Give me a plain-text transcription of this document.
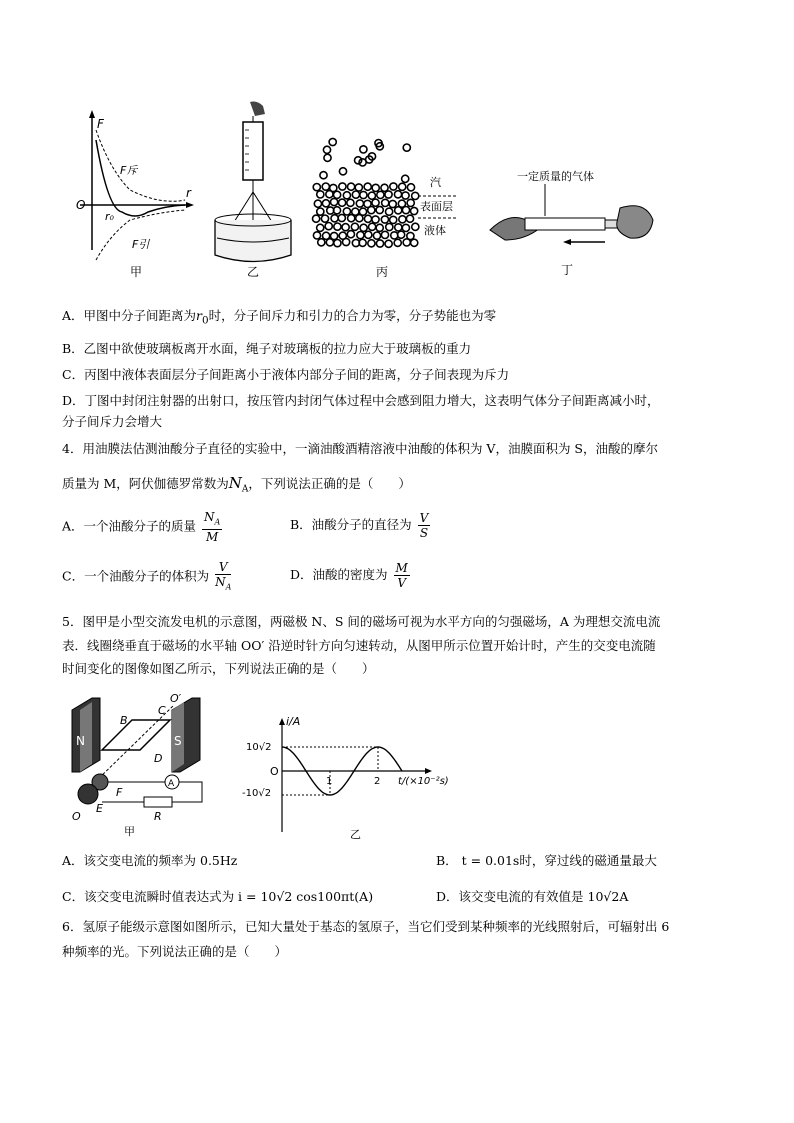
F
r
O
r₀
F斥
F引
甲	乙
汽
表面层
液体
丙
一定质量的气体
丁
A．甲图中分子间距离为$r_0$时，分子间斥力和引力的合力为零，分子势能也为零
B．乙图中欲使玻璃板离开水面，绳子对玻璃板的拉力应大于玻璃板的重力
C．丙图中液体表面层分子间距离小于液体内部分子间的距离，分子间表现为斥力
D．丁图中封闭注射器的出射口，按压管内封闭气体过程中会感到阻力增大，这表明气体分子间距离减小时，
分子间斥力会增大
4．用油膜法估测油酸分子直径的实验中，一滴油酸酒精溶液中油酸的体积为 V，油膜面积为 S，油酸的摩尔
质量为 M，阿伏伽德罗常数为$N_A$，下列说法正确的是（　　）
A．一个油酸分子的质量 $\frac{N_A}{M}$	B．油酸分子的直径为 $\frac{V}{S}$
C．一个油酸分子的体积为 $\frac{V}{N_A}$	D．油酸的密度为 $\frac{M}{V}$
5．图甲是小型交流发电机的示意图，两磁极 N、S 间的磁场可视为水平方向的匀强磁场，A 为理想交流电流
表．线圈绕垂直于磁场的水平轴 OO′ 沿逆时针方向匀速转动，从图甲所示位置开始计时，产生的交变电流随
时间变化的图像如图乙所示，下列说法正确的是（　　）
N	S
B
C
D
O′
O
E
F
A
R
甲
i/A
10√2
-10√2
O
1	2 t/(×10⁻²s)
乙
A．该交变电流的频率为 0.5Hz	B． t = 0.01s时，穿过线的磁通量最大
C．该交变电流瞬时值表达式为 i = 10√2 cos100πt(A)	D．该交变电流的有效值是 10√2A
6．氢原子能级示意图如图所示，已知大量处于基态的氢原子，当它们受到某种频率的光线照射后，可辐射出 6
种频率的光。下列说法正确的是（　　）
